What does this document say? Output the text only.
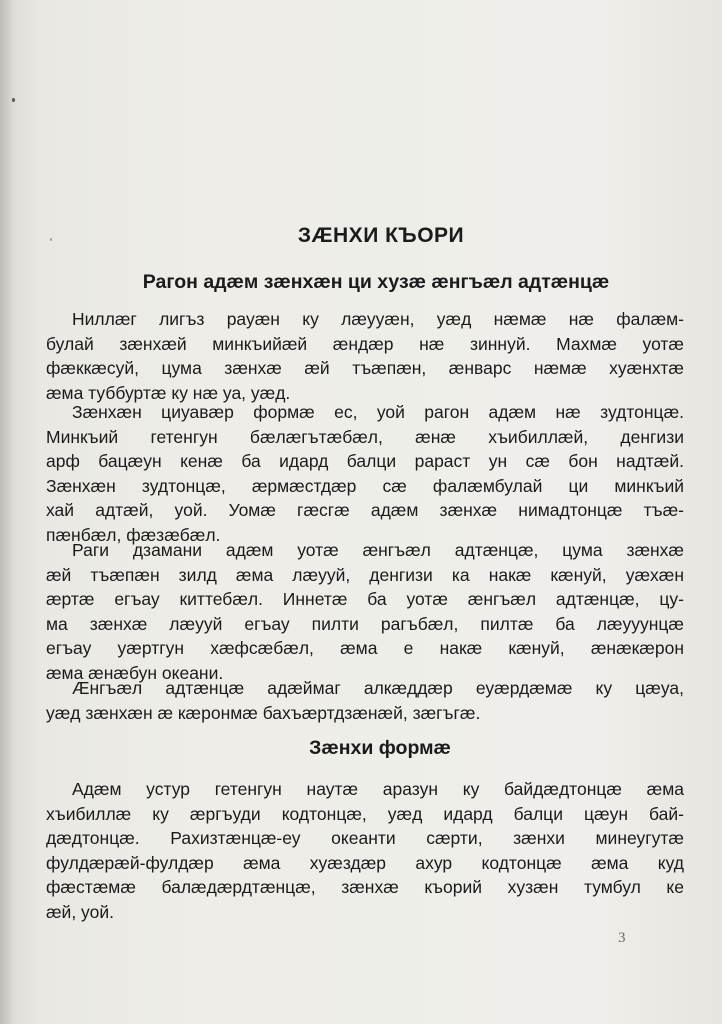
ЗÆНХИ КЪОРИ
Рагон адæм зæнхæн ци хузæ æнгъæл адтæнцæ
Ниллæг лигъз рауæн ку лæууæн, уæд нæмæ нæ фалæм-
булай зæнхæй минкъийæй æндæр нæ зиннуй. Махмæ уотæ
фæккæсуй, цума зæнхæ æй тъæпæн, æнварс нæмæ хуæнхтæ
æма туббуртæ ку нæ уа, уæд.
Зæнхæн циуавæр формæ ес, уой рагон адæм нæ зудтонцæ.
Минкъий гетенгун бæлæгътæбæл, æнæ хъибиллæй, денгизи
арф бацæун кенæ ба идард балци рараст ун сæ бон надтæй.
Зæнхæн зудтонцæ, æрмæстдæр сæ фалæмбулай ци минкъий
хай адтæй, уой. Уомæ гæсгæ адæм зæнхæ нимадтонцæ тъæ-
пæнбæл, фæзæбæл.
Раги дзамани адæм уотæ æнгъæл адтæнцæ, цума зæнхæ
æй тъæпæн зилд æма лæууй, денгизи ка накæ кæнуй, уæхæн
æртæ егъау киттебæл. Иннетæ ба уотæ æнгъæл адтæнцæ, цу-
ма зæнхæ лæууй егъау пилти рагъбæл, пилтæ ба лæууунцæ
егъау уæртгун хæфсæбæл, æма е накæ кæнуй, æнæкæрон
æма æнæбун океани.
Æнгъæл адтæнцæ адæймаг алкæддæр еуæрдæмæ ку цæуа,
уæд зæнхæн æ кæронмæ бахъæртдзæнæй, зæгъгæ.
Зæнхи формæ
Адæм устур гетенгун наутæ аразун ку байдæдтонцæ æма
хъибиллæ ку æргъуди кодтонцæ, уæд идард балци цæун бай-
дæдтонцæ. Рахизтæнцæ-еу океанти сæрти, зæнхи минеугутæ
фулдæрæй-фулдæр æма хуæздæр ахур кодтонцæ æма куд
фæстæмæ балæдæрдтæнцæ, зæнхæ къорий хузæн тумбул ке
æй, уой.
3
